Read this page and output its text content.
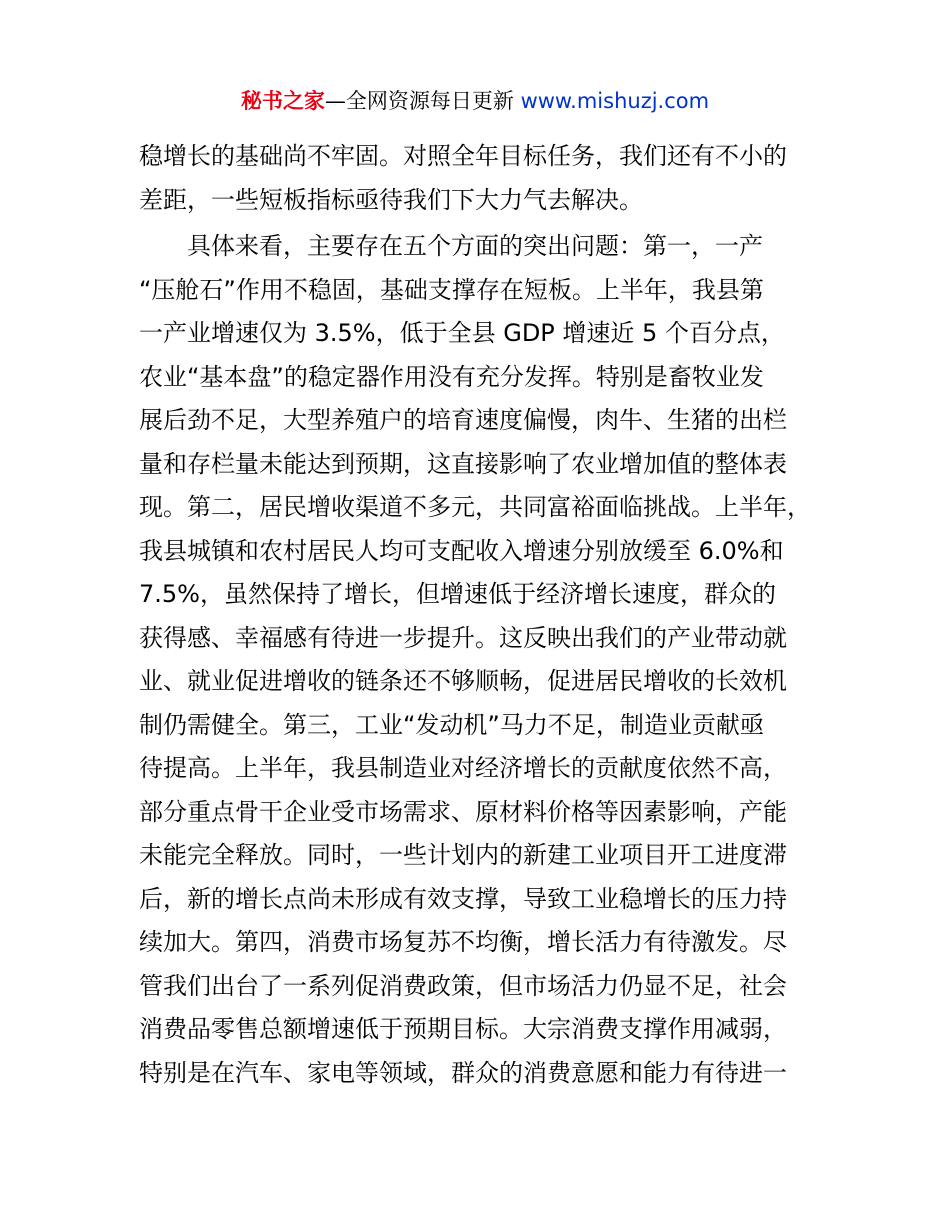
秘书之家—全网资源每日更新 www.mishuzj.com

稳增长的基础尚不牢固。对照全年目标任务，我们还有不小的
差距，一些短板指标亟待我们下大力气去解决。

具体来看，主要存在五个方面的突出问题：第一，一产
“压舱石”作用不稳固，基础支撑存在短板。上半年，我县第
一产业增速仅为 3.5%，低于全县 GDP 增速近 5 个百分点，
农业“基本盘”的稳定器作用没有充分发挥。特别是畜牧业发
展后劲不足，大型养殖户的培育速度偏慢，肉牛、生猪的出栏
量和存栏量未能达到预期，这直接影响了农业增加值的整体表
现。第二，居民增收渠道不多元，共同富裕面临挑战。上半年，
我县城镇和农村居民人均可支配收入增速分别放缓至 6.0%和
7.5%，虽然保持了增长，但增速低于经济增长速度，群众的
获得感、幸福感有待进一步提升。这反映出我们的产业带动就
业、就业促进增收的链条还不够顺畅，促进居民增收的长效机
制仍需健全。第三，工业“发动机”马力不足，制造业贡献亟
待提高。上半年，我县制造业对经济增长的贡献度依然不高，
部分重点骨干企业受市场需求、原材料价格等因素影响，产能
未能完全释放。同时，一些计划内的新建工业项目开工进度滞
后，新的增长点尚未形成有效支撑，导致工业稳增长的压力持
续加大。第四，消费市场复苏不均衡，增长活力有待激发。尽
管我们出台了一系列促消费政策，但市场活力仍显不足，社会
消费品零售总额增速低于预期目标。大宗消费支撑作用减弱，
特别是在汽车、家电等领域，群众的消费意愿和能力有待进一
